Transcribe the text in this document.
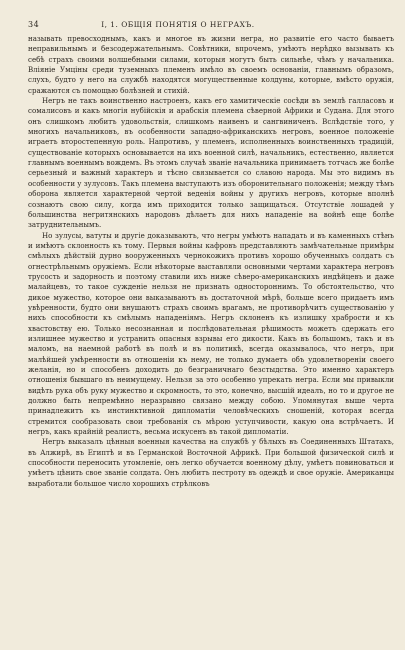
34	I, 1. ОБЩІЯ ПОНЯТІЯ О НЕГРАХЪ.

называть превосходнымъ, какъ и многое въ жизни негра, но развитіе его часто бываетъ неправильнымъ и безсодержательнымъ. Совѣтники, впрочемъ, умѣютъ нерѣдко вызывать къ себѣ страхъ своими волшебными силами, которыя могутъ быть сильнѣе, чѣмъ у начальника. Вліяніе Умціны среди туземныхъ племенъ имѣло въ своемъ основаніи, главнымъ образомъ, слухъ, будто у него на службѣ находятся могущественные колдуны, которые, вмѣсто оружія, сражаются съ помощью болѣзней и стихій.

Негръ не такъ воинственно настроенъ, какъ его хамитическіе сосѣди въ землѣ галласовъ и сомалисовъ и какъ многія нубійскія и арабскія племена сѣверной Африки и Судана. Для этого онъ слишкомъ любитъ удовольствія, слишкомъ наивенъ и сангвиниченъ. Вслѣдствіе того, у многихъ начальниковъ, въ особенности западно-африканскихъ негровъ, военное положеніе играетъ второстепенную роль. Напротивъ, у племенъ, исполненныхъ воинственныхъ традицій, существованіе которыхъ основывается на ихъ военной силѣ, начальникъ, естественно, является главнымъ военнымъ вождемъ. Въ этомъ случаѣ званіе начальника принимаетъ тотчасъ же болѣе серьезный и важный характеръ и тѣсно связывается со славою народа. Мы это видимъ въ особенности у зулусовъ. Такъ племена выступаютъ изъ оборонительнаго положенія; между тѣмъ оборона является характерной чертой веденія войны у другихъ негровъ, которые вполнѣ сознаютъ свою силу, когда имъ приходится только защищаться. Отсутствіе лошадей у большинства негритянскихъ народовъ дѣлаетъ для нихъ нападеніе на войнѣ еще болѣе затруднительнымъ.

Но зулусы, ватуты и другіе доказываютъ, что негры умѣютъ нападать и въ каменныхъ стѣнъ и имѣютъ склонность къ тому. Первыя войны кафровъ представляютъ замѣчательные примѣры смѣлыхъ дѣйствій дурно вооруженныхъ чернокожихъ противъ хорошо обученныхъ солдатъ съ огнестрѣльнымъ оружіемъ. Если нѣкоторые выставляли основными чертами характера негровъ трусость и задорность и поэтому ставили ихъ ниже сѣверо-американскихъ индѣйцевъ и даже малайцевъ, то такое сужденіе нельзя не признать одностороннимъ. То обстоятельство, что дикое мужество, которое они выказываютъ въ достаточной мѣрѣ, больше всего придаетъ имъ увѣренности, будто они внушаютъ страхъ своимъ врагамъ, не противорѣчитъ существованію у нихъ способности къ смѣлымъ нападеніямъ. Негръ склоненъ къ излишку храбрости и къ хвастовству ею. Только несознанная и послѣдовательная рѣшимость можетъ сдержать его излишнее мужество и устранить опасныя взрывы его дикости. Какъ въ большомъ, такъ и въ маломъ, на наемной работѣ въ полѣ и въ политикѣ, всегда оказывалось, что негръ, при малѣйшей умѣренности въ отношеніи къ нему, не только думаетъ объ удовлетвореніи своего желанія, но и способенъ доходить до безграничнаго безстыдства. Это именно характеръ отношенія бывшаго въ неимущему. Нельзя за это особенно упрекать негра. Если мы привыкли видѣть рука объ руку мужество и скромность, то это, конечно, высшій идеалъ, но то и другое не должно быть непремѣнно неразрывно связано между собою. Упомянутая выше черта принадлежитъ къ инстинктивной дипломатіи человѣческихъ сношеній, которая всегда стремится сообразовать свои требованія съ мѣрою уступчивости, какую она встрѣчаетъ. И негръ, какъ крайній реалистъ, весьма искусенъ въ такой дипломатіи.

Негръ выказалъ цѣнныя военныя качества на службѣ у бѣлыхъ въ Соединенныхъ Штатахъ, въ Алжирѣ, въ Египтѣ и въ Германской Восточной Африкѣ. При большой физической силѣ и способности переносить утомленіе, онъ легко обучается военному дѣлу, умѣетъ повиноваться и умѣетъ цѣнить свое званіе солдата. Онъ любитъ пестроту въ одеждѣ и свое оружіе. Американцы выработали большое число хорошихъ стрѣлковъ
